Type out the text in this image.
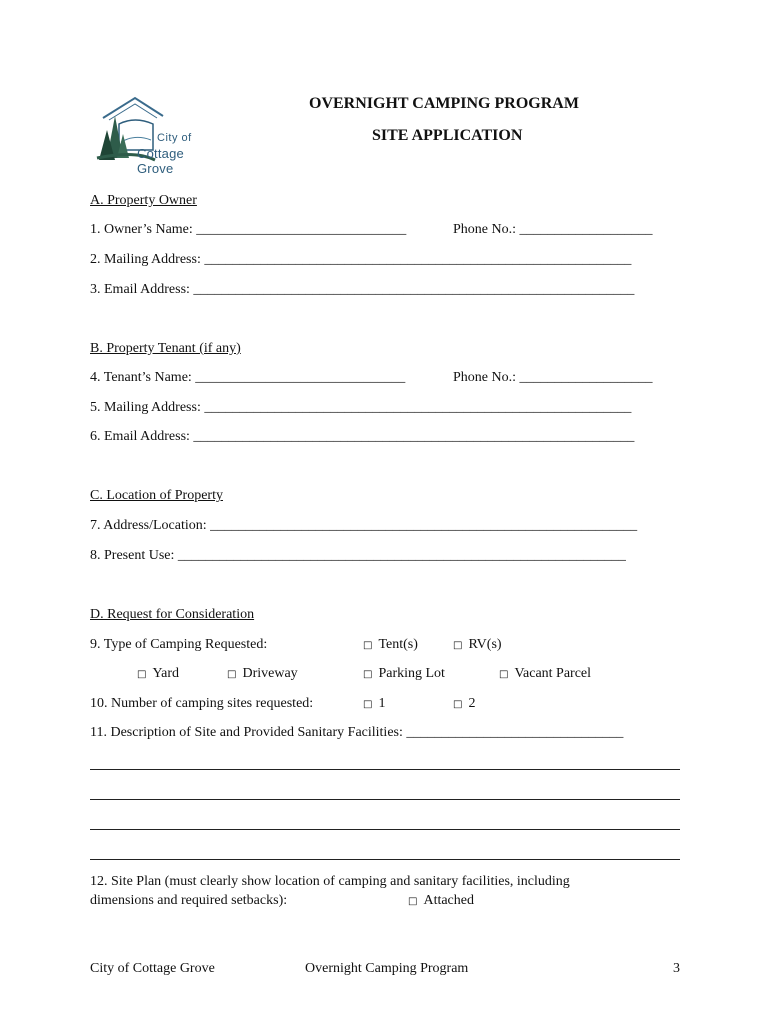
City of
Cottage Grove
OVERNIGHT CAMPING PROGRAM
SITE APPLICATION
A. Property Owner
1. Owner’s Name: ______________________________	Phone No.: ___________________
2. Mailing Address: _____________________________________________________________
3. Email Address: _______________________________________________________________
B. Property Tenant (if any)
4. Tenant’s Name: ______________________________	Phone No.: ___________________
5. Mailing Address: _____________________________________________________________
6. Email Address: _______________________________________________________________
C. Location of Property
7. Address/Location: _____________________________________________________________
8. Present Use: ________________________________________________________________
D. Request for Consideration
9. Type of Camping Requested:	□ Tent(s)	□ RV(s)
□ Yard	□ Driveway	□ Parking Lot	□ Vacant Parcel
10. Number of camping sites requested:	□ 1	□ 2
11. Description of Site and Provided Sanitary Facilities: _______________________________
12. Site Plan (must clearly show location of camping and sanitary facilities, including
dimensions and required setbacks):	□ Attached
City of Cottage Grove	Overnight Camping Program	3
